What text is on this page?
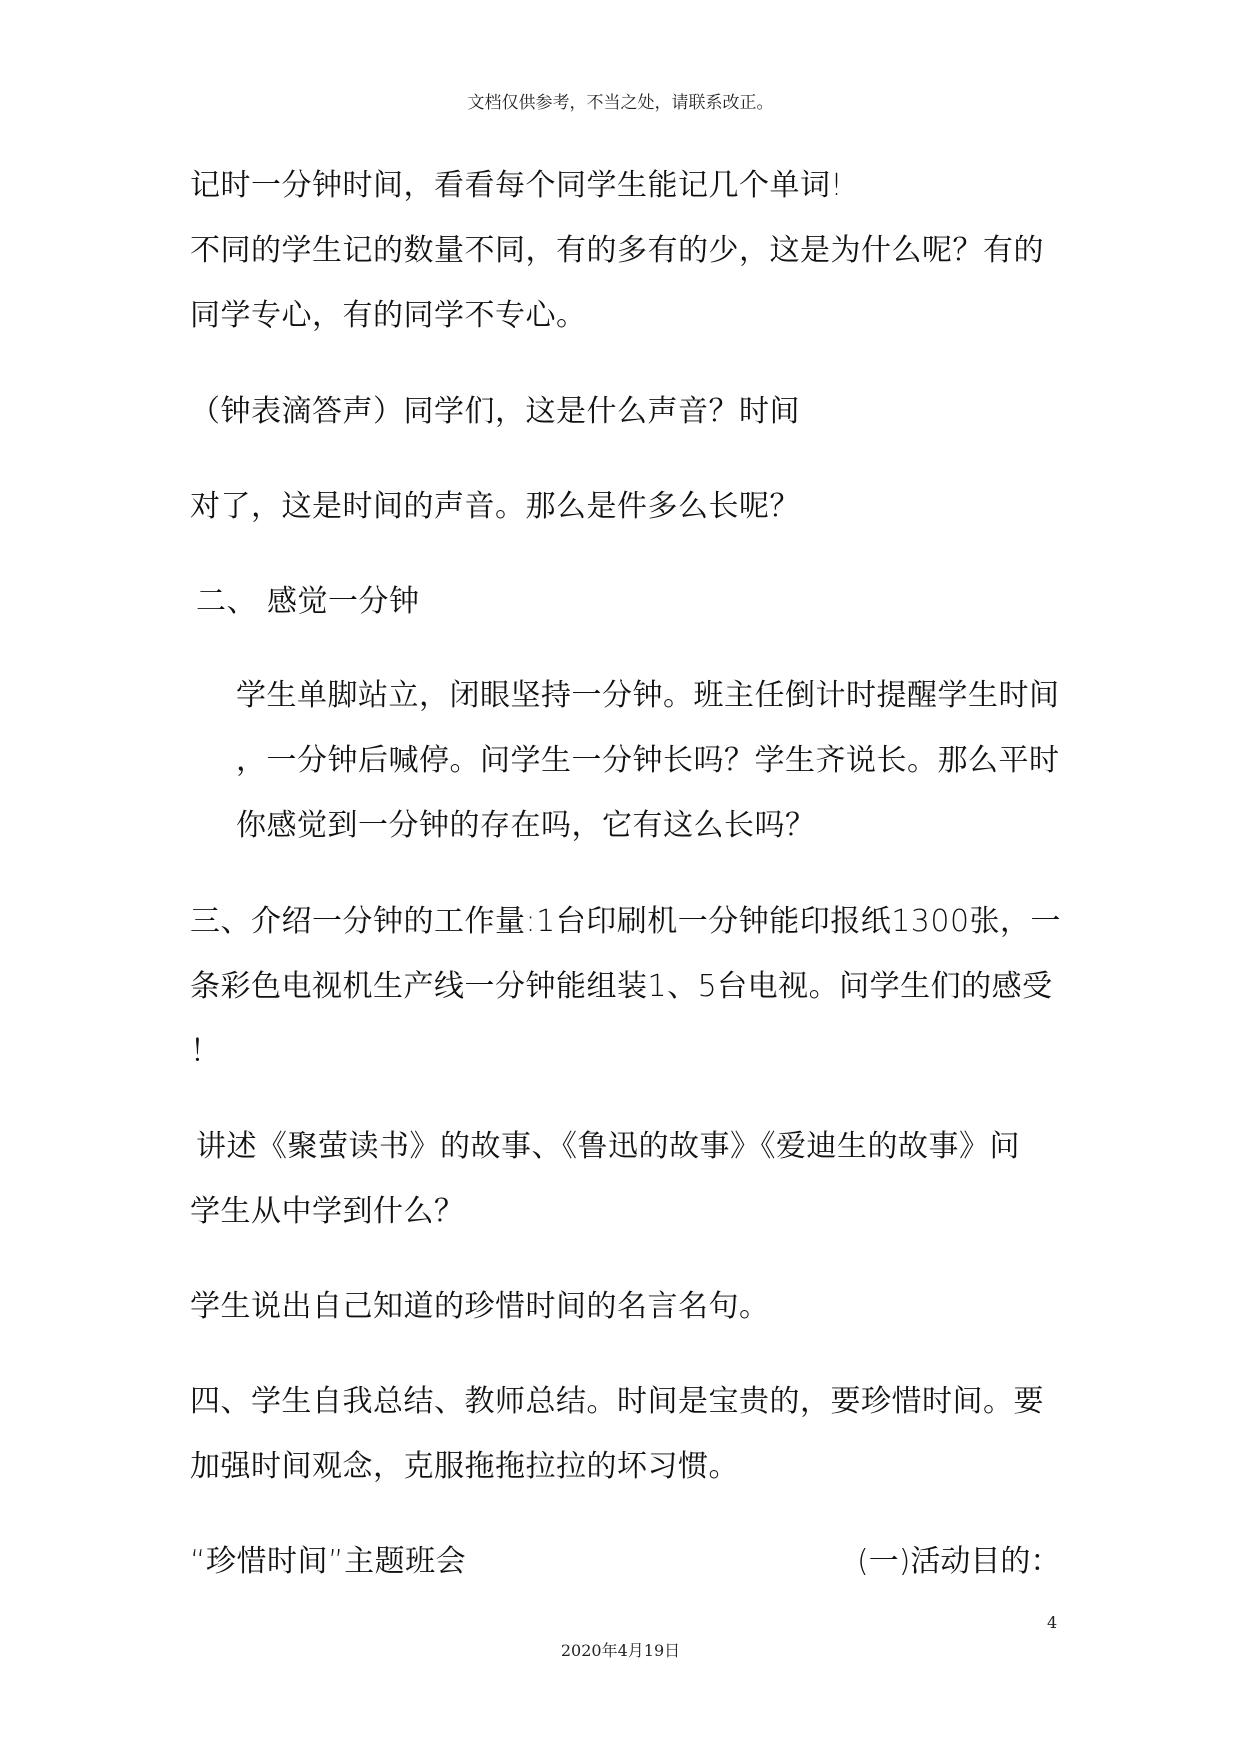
文档仅供参考，不当之处，请联系改正。
记时一分钟时间，看看每个同学生能记几个单词!
不同的学生记的数量不同，有的多有的少，这是为什么呢？有的
同学专心，有的同学不专心。
（钟表滴答声）同学们，这是什么声音？时间
对了，这是时间的声音。那么是件多么长呢？
二、 感觉一分钟
学生单脚站立，闭眼坚持一分钟。班主任倒计时提醒学生时间
，一分钟后喊停。问学生一分钟长吗？学生齐说长。那么平时
你感觉到一分钟的存在吗，它有这么长吗？
三、介绍一分钟的工作量:1台印刷机一分钟能印报纸1300张，一
条彩色电视机生产线一分钟能组装1、5台电视。问学生们的感受
！
讲述《聚萤读书》的故事、《鲁迅的故事》《爱迪生的故事》问
学生从中学到什么？
学生说出自己知道的珍惜时间的名言名句。
四、学生自我总结、教师总结。时间是宝贵的，要珍惜时间。要
加强时间观念，克服拖拖拉拉的坏习惯。
“珍惜时间”主题班会	(一)活动目的：
4
2020年4月19日
